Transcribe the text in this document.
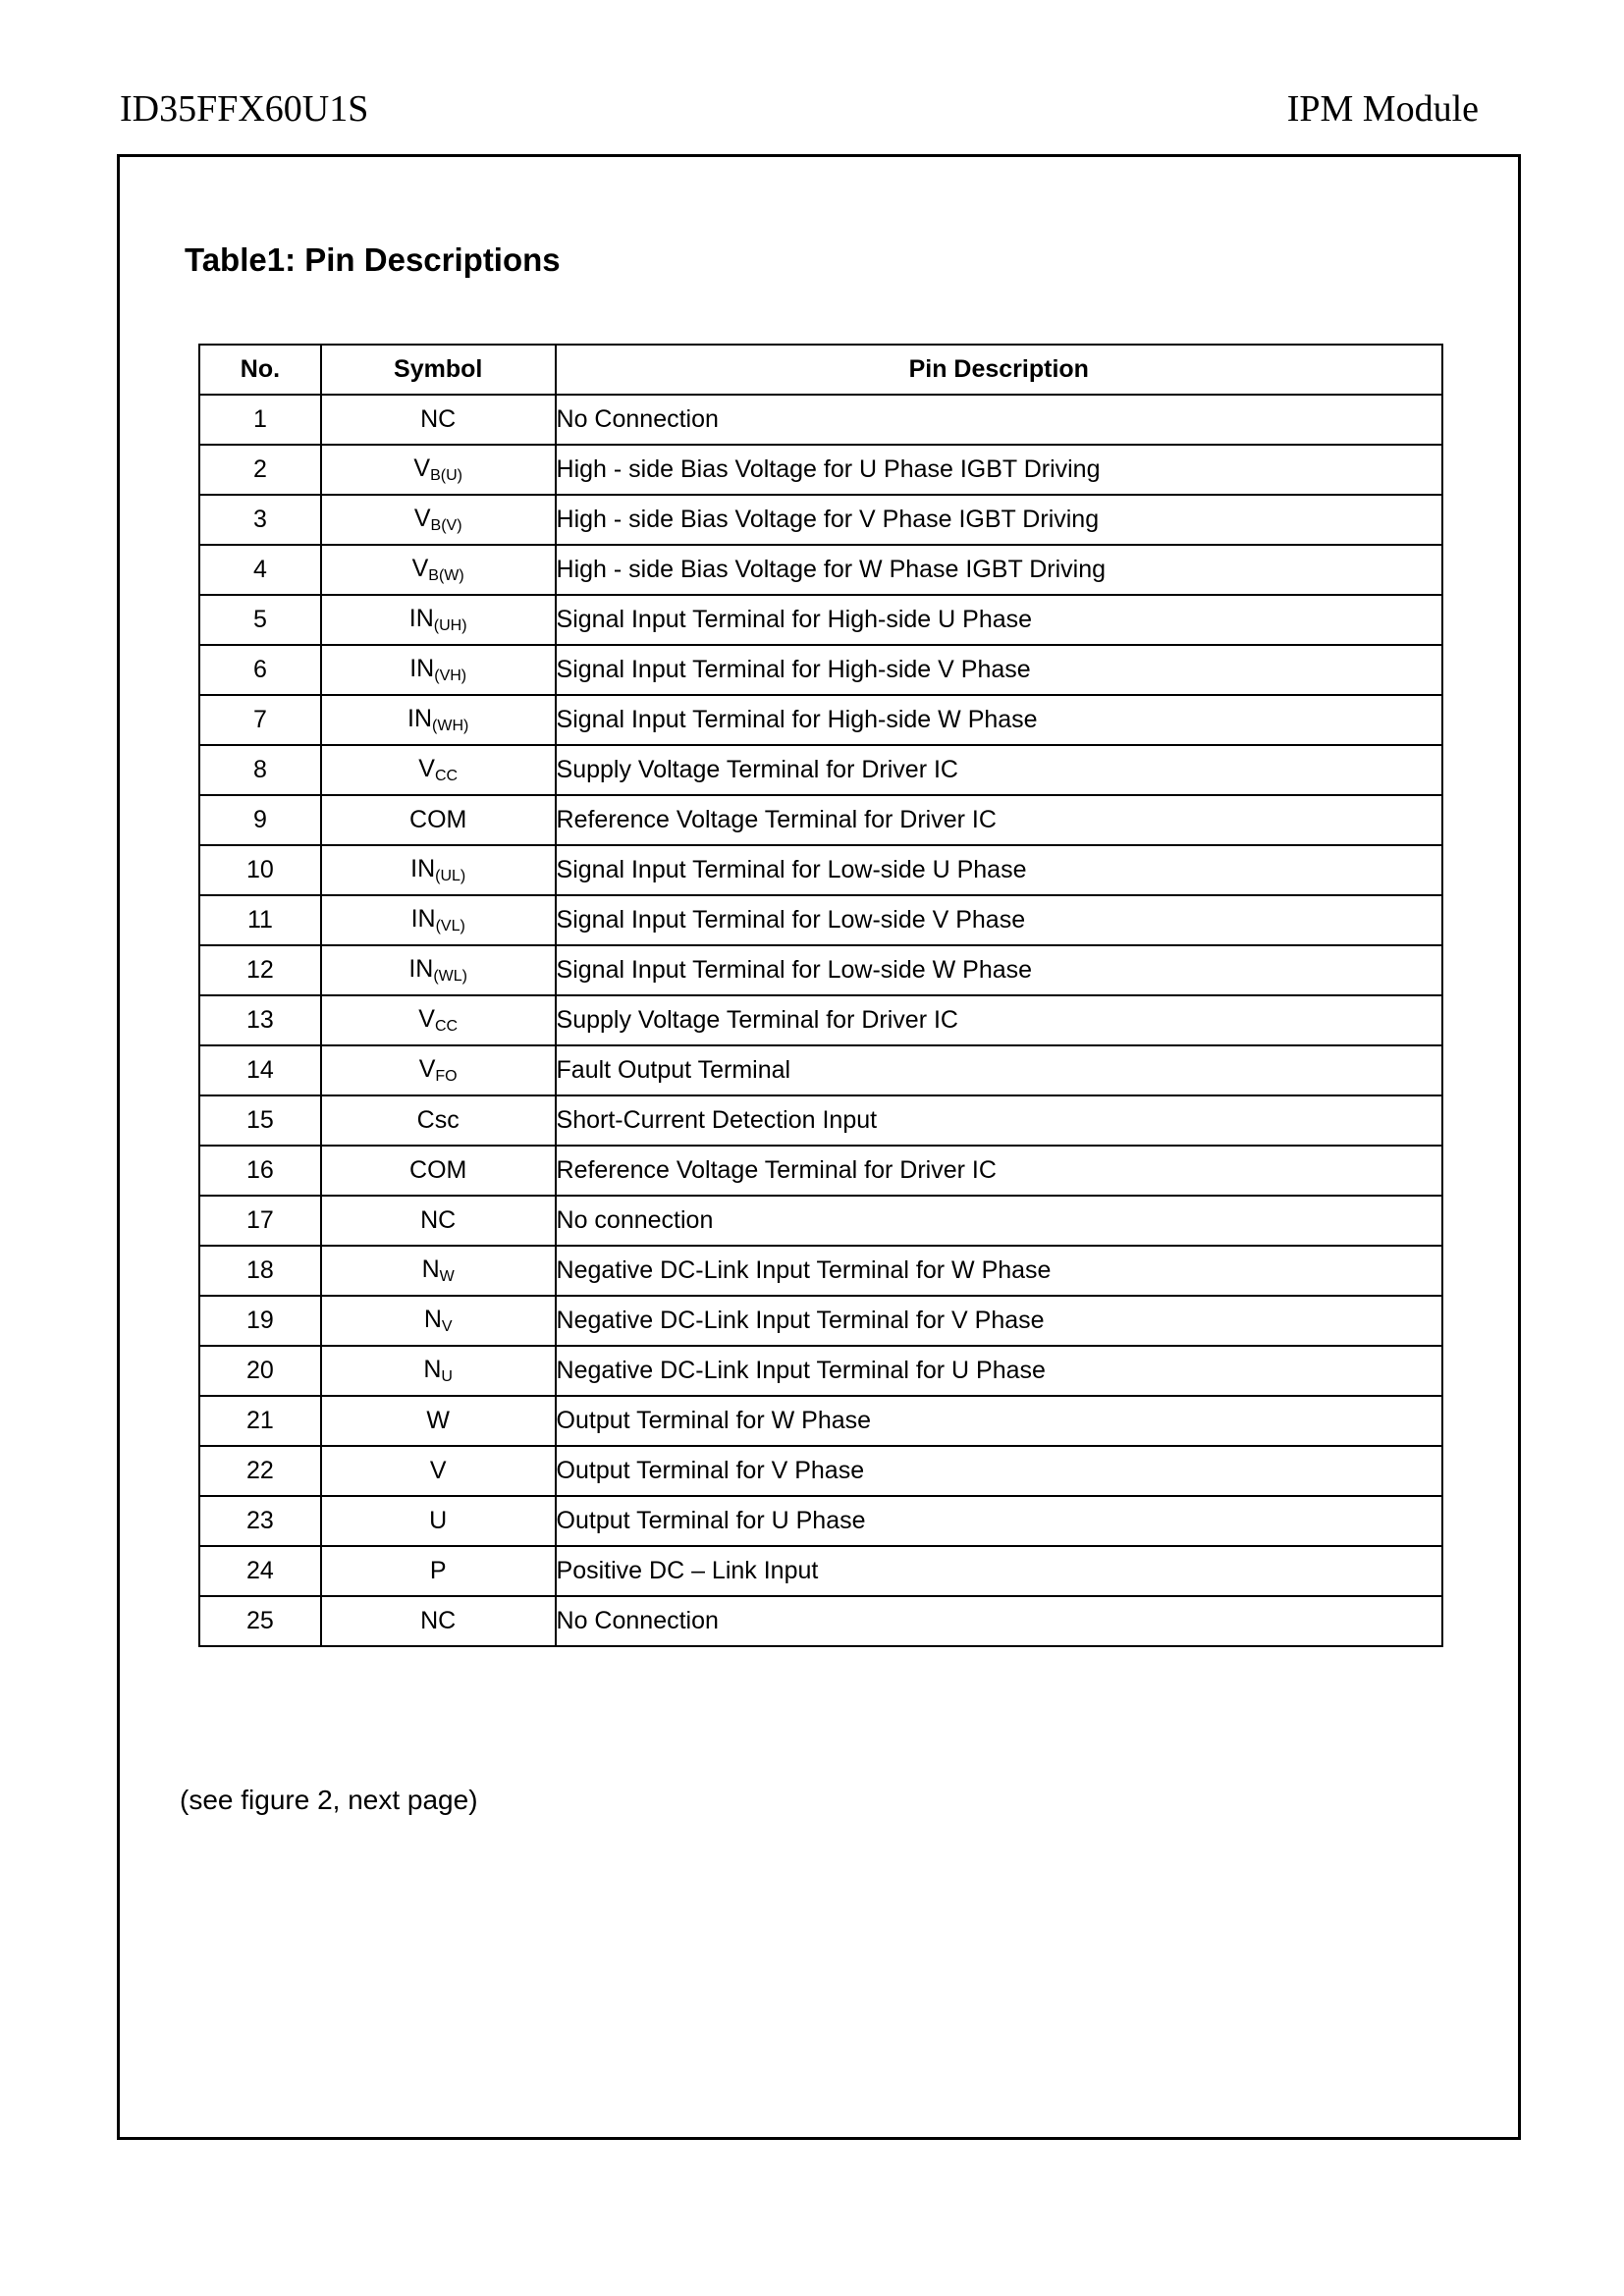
ID35FFX60U1S	IPM Module
Table1: Pin Descriptions
No.	Symbol	Pin Description
1	NC	No Connection
2	$V_{B(U)}$	High - side Bias Voltage for U Phase IGBT Driving
3	$V_{B(V)}$	High - side Bias Voltage for V Phase IGBT Driving
4	$V_{B(W)}$	High - side Bias Voltage for W Phase IGBT Driving
5	$IN_{(UH)}$	Signal Input Terminal for High-side U Phase
6	$IN_{(VH)}$	Signal Input Terminal for High-side V Phase
7	$IN_{(WH)}$	Signal Input Terminal for High-side W Phase
8	$V_{CC}$	Supply Voltage Terminal for Driver IC
9	COM	Reference Voltage Terminal for Driver IC
10	$IN_{(UL)}$	Signal Input Terminal for Low-side U Phase
11	$IN_{(VL)}$	Signal Input Terminal for Low-side V Phase
12	$IN_{(WL)}$	Signal Input Terminal for Low-side W Phase
13	$V_{CC}$	Supply Voltage Terminal for Driver IC
14	$V_{FO}$	Fault Output Terminal
15	Csc	Short-Current Detection Input
16	COM	Reference Voltage Terminal for Driver IC
17	NC	No connection
18	$N_W$	Negative DC-Link Input Terminal for W Phase
19	$N_V$	Negative DC-Link Input Terminal for V Phase
20	$N_U$	Negative DC-Link Input Terminal for U Phase
21	W	Output Terminal for W Phase
22	V	Output Terminal for V Phase
23	U	Output Terminal for U Phase
24	P	Positive DC – Link Input
25	NC	No Connection
(see figure 2, next page)
